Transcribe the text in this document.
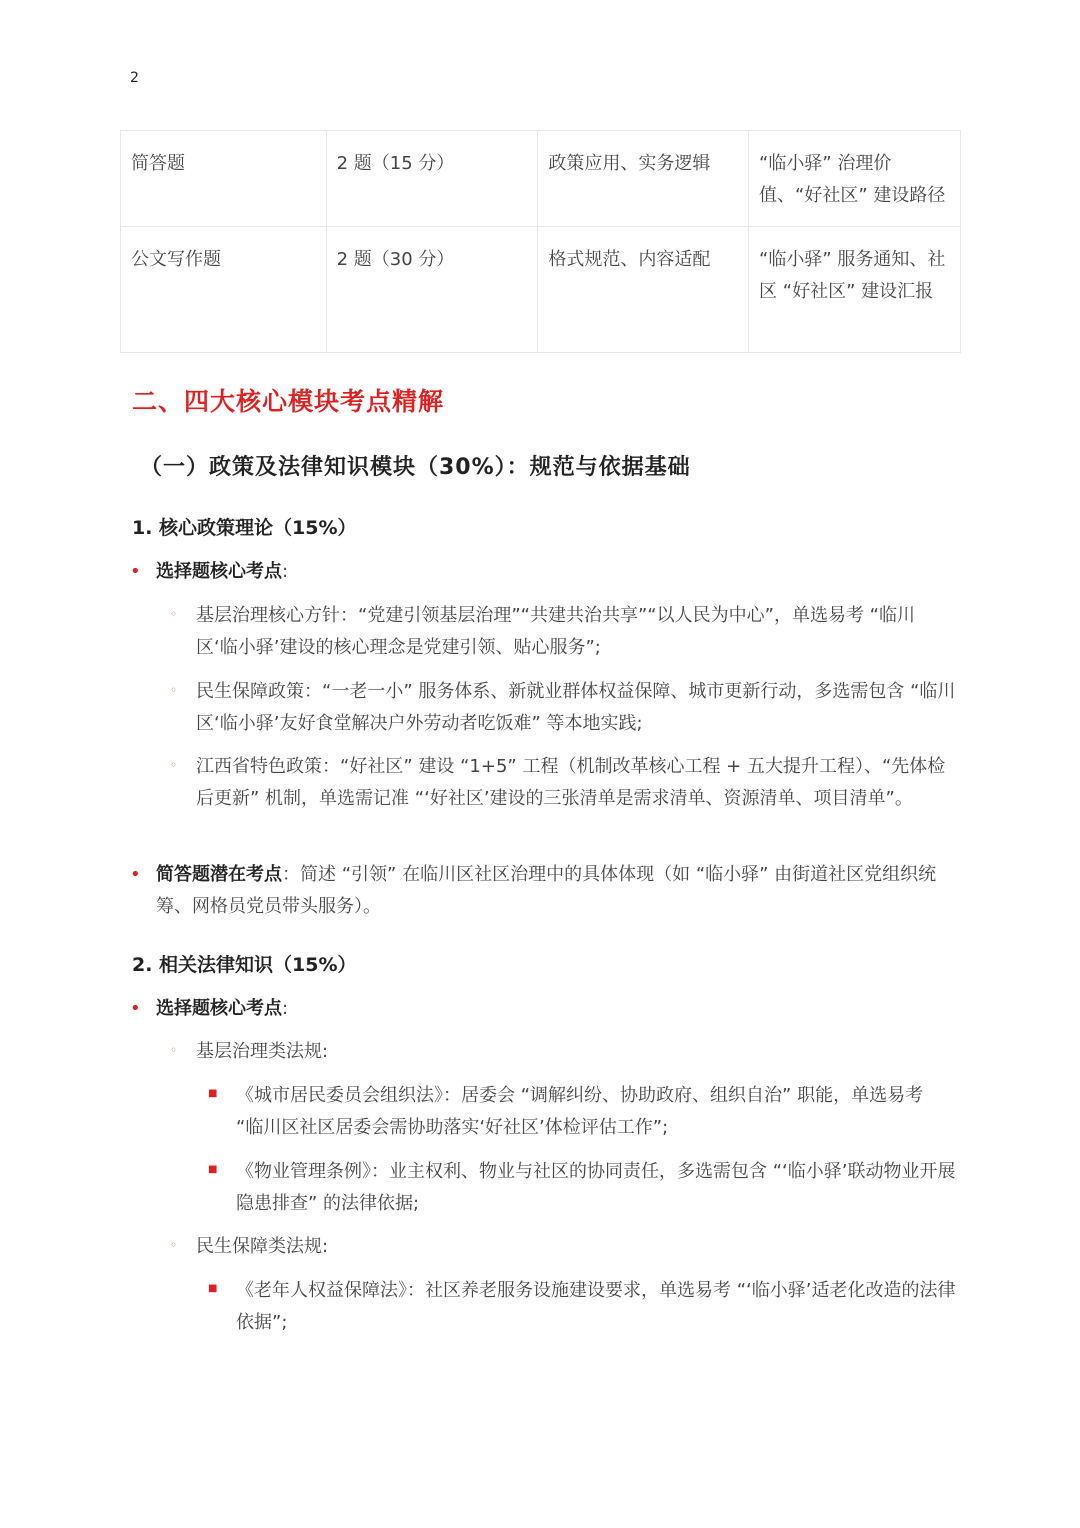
2
简答题	2 题（15 分）	政策应用、实务逻辑	“临小驿” 治理价值、“好社区” 建设路径
公文写作题	2 题（30 分）	格式规范、内容适配	“临小驿” 服务通知、社区 “好社区” 建设汇报
二、四大核心模块考点精解
（一）政策及法律知识模块（30%）：规范与依据基础
1. 核心政策理论（15%）
• 选择题核心考点:
◦ 基层治理核心方针：“党建引领基层治理”“共建共治共享”“以人民为中心”，单选易考 “临川区‘临小驿’建设的核心理念是党建引领、贴心服务”;
◦ 民生保障政策：“一老一小” 服务体系、新就业群体权益保障、城市更新行动，多选需包含 “临川区‘临小驿’友好食堂解决户外劳动者吃饭难” 等本地实践;
◦ 江西省特色政策：“好社区” 建设 “1+5” 工程（机制改革核心工程 + 五大提升工程）、“先体检后更新” 机制，单选需记准 “‘好社区’建设的三张清单是需求清单、资源清单、项目清单”。
• 简答题潜在考点：简述 “引领” 在临川区社区治理中的具体体现（如 “临小驿” 由街道社区党组织统筹、网格员党员带头服务）。
2. 相关法律知识（15%）
• 选择题核心考点:
◦ 基层治理类法规:
■ 《城市居民委员会组织法》：居委会 “调解纠纷、协助政府、组织自治” 职能，单选易考 “临川区社区居委会需协助落实‘好社区’体检评估工作”;
■ 《物业管理条例》：业主权利、物业与社区的协同责任，多选需包含 “‘临小驿’联动物业开展隐患排查” 的法律依据;
◦ 民生保障类法规:
■ 《老年人权益保障法》：社区养老服务设施建设要求，单选易考 “‘临小驿’适老化改造的法律依据”;
